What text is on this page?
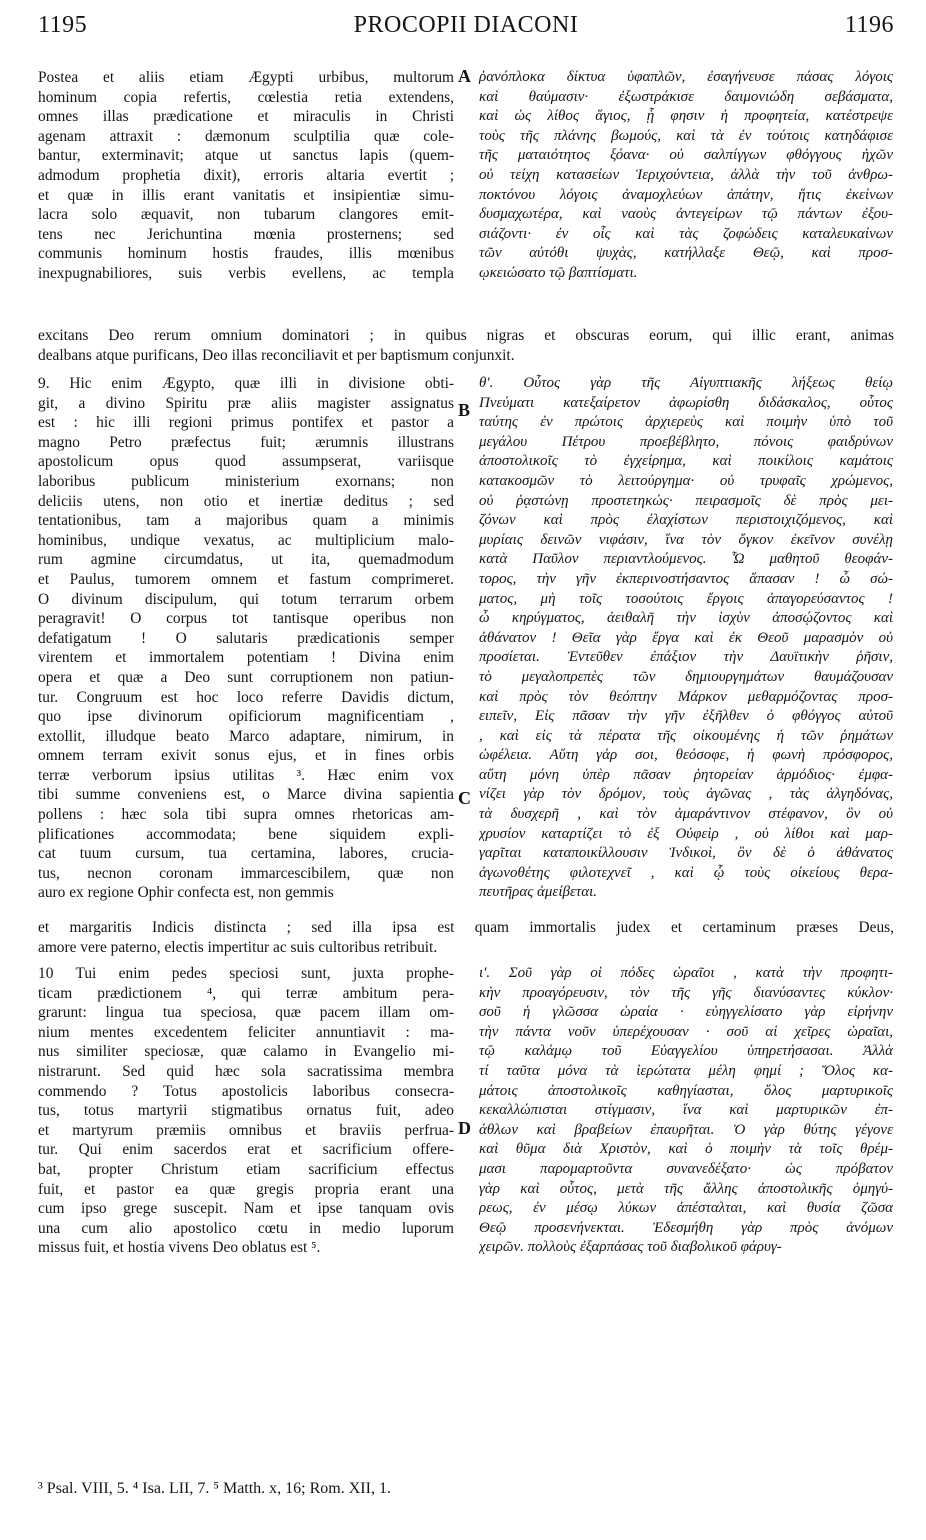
1195	PROCOPII DIACONI	1196
A
B
C
D
Postea et aliis etiam Ægypti urbibus, multorum
hominum copia refertis, cœlestia retia extendens,
omnes illas prædicatione et miraculis in Christi
agenam attraxit : dæmonum sculptilia quæ cole-
bantur, exterminavit; atque ut sanctus lapis (quem-
admodum prophetia dixit), erroris altaria evertit ;
et quæ in illis erant vanitatis et insipientiæ simu-
lacra solo æquavit, non tubarum clangores emit-
tens nec Jerichuntina mœnia prosternens; sed
communis hominum hostis fraudes, illis mœnibus
inexpugnabiliores, suis verbis evellens, ac templa
ῥανόπλοκα δίκτυα ὑφαπλῶν, ἐσαγήνευσε πάσας λόγοις
καὶ θαύμασιν· ἐξωστράκισε δαιμονιώδη σεβάσματα,
καὶ ὡς λίθος ἅγιος, ᾗ φησιν ἡ προφητεία, κατέστρεψε
τοὺς τῆς πλάνης βωμούς, καὶ τὰ ἐν τούτοις κατηδάφισε
τῆς ματαιότητος ξόανα· οὐ σαλπίγγων φθόγγους ἠχῶν
οὐ τείχη κατασείων Ἱεριχούντεια, ἀλλὰ τὴν τοῦ ἀνθρω-
ποκτόνου λόγοις ἀναμοχλεύων ἀπάτην, ἥτις ἐκείνων
δυσμαχωτέρα, καὶ ναοὺς ἀντεγείρων τῷ πάντων ἐξου-
σιάζοντι· ἐν οἷς καὶ τὰς ζοφώδεις καταλευκαίνων
τῶν αὐτόθι ψυχὰς, κατήλλαξε Θεῷ, καὶ προσ-
ῳκειώσατο τῷ βαπτίσματι.
excitans Deo rerum omnium dominatori ; in quibus nigras et obscuras eorum, qui illic erant, animas
dealbans atque purificans, Deo illas reconciliavit et per baptismum conjunxit.
9. Hic enim Ægypto, quæ illi in divisione obti-
git, a divino Spiritu præ aliis magister assignatus
est : hic illi regioni primus pontifex et pastor a
magno Petro præfectus fuit; ærumnis illustrans
apostolicum opus quod assumpserat, variisque
laboribus publicum ministerium exornans; non
deliciis utens, non otio et inertiæ deditus ; sed
tentationibus, tam a majoribus quam a minimis
hominibus, undique vexatus, ac multiplicium malo-
rum agmine circumdatus, ut ita, quemadmodum
et Paulus, tumorem omnem et fastum comprimeret.
O divinum discipulum, qui totum terrarum orbem
peragravit! O corpus tot tantisque operibus non
defatigatum ! O salutaris prædicationis semper
virentem et immortalem potentiam ! Divina enim
opera et quæ a Deo sunt corruptionem non patiun-
tur. Congruum est hoc loco referre Davidis dictum,
quo ipse divinorum opificiorum magnificentiam ,
extollit, illudque beato Marco adaptare, nimirum, in
omnem terram exivit sonus ejus, et in fines orbis
terræ verborum ipsius utilitas ³. Hæc enim vox
tibi summe conveniens est, o Marce divina sapientia
pollens : hæc sola tibi supra omnes rhetoricas am-
plificationes accommodata; bene siquidem expli-
cat tuum cursum, tua certamina, labores, crucia-
tus, necnon coronam immarcescibilem, quæ non
auro ex regione Ophir confecta est, non gemmis
θ'. Οὗτος γὰρ τῆς Αἰγυπτιακῆς λήξεως θείῳ
Πνεύματι κατεξαίρετον ἀφωρίσθη διδάσκαλος, οὗτος
ταύτης ἐν πρώτοις ἀρχιερεὺς καὶ ποιμὴν ὑπὸ τοῦ
μεγάλου Πέτρου προεβέβλητο, πόνοις φαιδρύνων
ἀποστολικοῖς τὸ ἐγχείρημα, καὶ ποικίλοις καμάτοις
κατακοσμῶν τὸ λειτούργημα· οὐ τρυφαῖς χρώμενος,
οὐ ῥᾳστώνῃ προστετηκώς· πειρασμοῖς δὲ πρὸς μει-
ζόνων καὶ πρὸς ἐλαχίστων περιστοιχιζόμενος, καὶ
μυρίαις δεινῶν νιφάσιν, ἵνα τὸν ὄγκον ἐκεῖνον συνέλῃ
κατὰ Παῦλον περιαντλούμενος. Ὦ μαθητοῦ θεοφάν-
τορος, τὴν γῆν ἐκπερινοστήσαντος ἅπασαν ! ὦ σώ-
ματος, μὴ τοῖς τοσούτοις ἔργοις ἀπαγορεύσαντος !
ὦ κηρύγματος, ἀειθαλῆ τὴν ἰσχὺν ἀποσῴζοντος καὶ
ἀθάνατον ! Θεῖα γὰρ ἔργα καὶ ἐκ Θεοῦ μαρασμὸν οὐ
προσίεται. Ἐντεῦθεν ἐπάξιον τὴν Δαυϊτικὴν ῥῆσιν,
τὸ μεγαλοπρεπὲς τῶν δημιουργημάτων θαυμάζουσαν
καὶ πρὸς τὸν θεόπτην Μάρκον μεθαρμόζοντας προσ-
ειπεῖν, Εἰς πᾶσαν τὴν γῆν ἐξῆλθεν ὁ φθόγγος αὐτοῦ
, καὶ εἰς τὰ πέρατα τῆς οἰκουμένης ἡ τῶν ῥημάτων
ὠφέλεια. Αὕτη γάρ σοι, θεόσοφε, ἡ φωνὴ πρόσφορος,
αὕτη μόνη ὑπὲρ πᾶσαν ῥητορείαν ἁρμόδιος· ἐμφα-
νίζει γὰρ τὸν δρόμον, τοὺς ἀγῶνας , τὰς ἀλγηδόνας,
τὰ δυσχερῆ , καὶ τὸν ἀμαράντινον στέφανον, ὃν οὐ
χρυσίον καταρτίζει τὸ ἐξ Οὐφεὶρ , οὐ λίθοι καὶ μαρ-
γαρῖται καταποικίλλουσιν Ἰνδικοὶ, ὃν δὲ ὁ ἀθάνατος
ἀγωνοθέτης φιλοτεχνεῖ , καὶ ᾧ τοὺς οἰκείους θερα-
πευτῆρας ἀμείβεται.
et margaritis Indicis distincta ; sed illa ipsa est quam immortalis judex et certaminum præses Deus,
amore vere paterno, electis impertitur ac suis cultoribus retribuit.
10 Tui enim pedes speciosi sunt, juxta prophe-
ticam prædictionem ⁴, qui terræ ambitum pera-
grarunt: lingua tua speciosa, quæ pacem illam om-
nium mentes excedentem feliciter annuntiavit : ma-
nus similiter speciosæ, quæ calamo in Evangelio mi-
nistrarunt. Sed quid hæc sola sacratissima membra
commendo ? Totus apostolicis laboribus consecra-
tus, totus martyrii stigmatibus ornatus fuit, adeo
et martyrum præmiis omnibus et braviis perfrua-
tur. Qui enim sacerdos erat et sacrificium offere-
bat, propter Christum etiam sacrificium effectus
fuit, et pastor ea quæ gregis propria erant una
cum ipso grege suscepit. Nam et ipse tanquam ovis
una cum alio apostolico cœtu in medio luporum
missus fuit, et hostia vivens Deo oblatus est ⁵.
ι'. Σοῦ γὰρ οἱ πόδες ὡραῖοι , κατὰ τὴν προφητι-
κὴν προαγόρευσιν, τὸν τῆς γῆς διανύσαντες κύκλον·
σοῦ ἡ γλῶσσα ὡραία · εὐηγγελίσατο γὰρ εἰρήνην
τὴν πάντα νοῦν ὑπερέχουσαν · σοῦ αἱ χεῖρες ὡραῖαι,
τῷ καλάμῳ τοῦ Εὐαγγελίου ὑπηρετήσασαι. Ἀλλὰ
τί ταῦτα μόνα τὰ ἱερώτατα μέλη φημί ; Ὅλος κα-
μάτοις ἀποστολικοῖς καθηγίασται, ὅλος μαρτυρικοῖς
κεκαλλώπισται στίγμασιν, ἵνα καὶ μαρτυρικῶν ἐπ-
άθλων καὶ βραβείων ἐπαυρῆται. Ὁ γὰρ θύτης γέγονε
καὶ θῦμα διὰ Χριστὸν, καὶ ὁ ποιμὴν τὰ τοῖς θρέμ-
μασι παρομαρτοῦντα συνανεδέξατο· ὡς πρόβατον
γὰρ καὶ οὗτος, μετὰ τῆς ἄλλης ἀποστολικῆς ὁμηγύ-
ρεως, ἐν μέσῳ λύκων ἀπέσταλται, καὶ θυσία ζῶσα
Θεῷ προσενήνεκται. Ἐδεσμήθη γὰρ πρὸς ἀνόμων
χειρῶν. πολλοὺς ἐξαρπάσας τοῦ διαβολικοῦ φάρυγ-
³ Psal. VIII, 5. ⁴ Isa. LII, 7. ⁵ Matth. x, 16; Rom. XII, 1.
